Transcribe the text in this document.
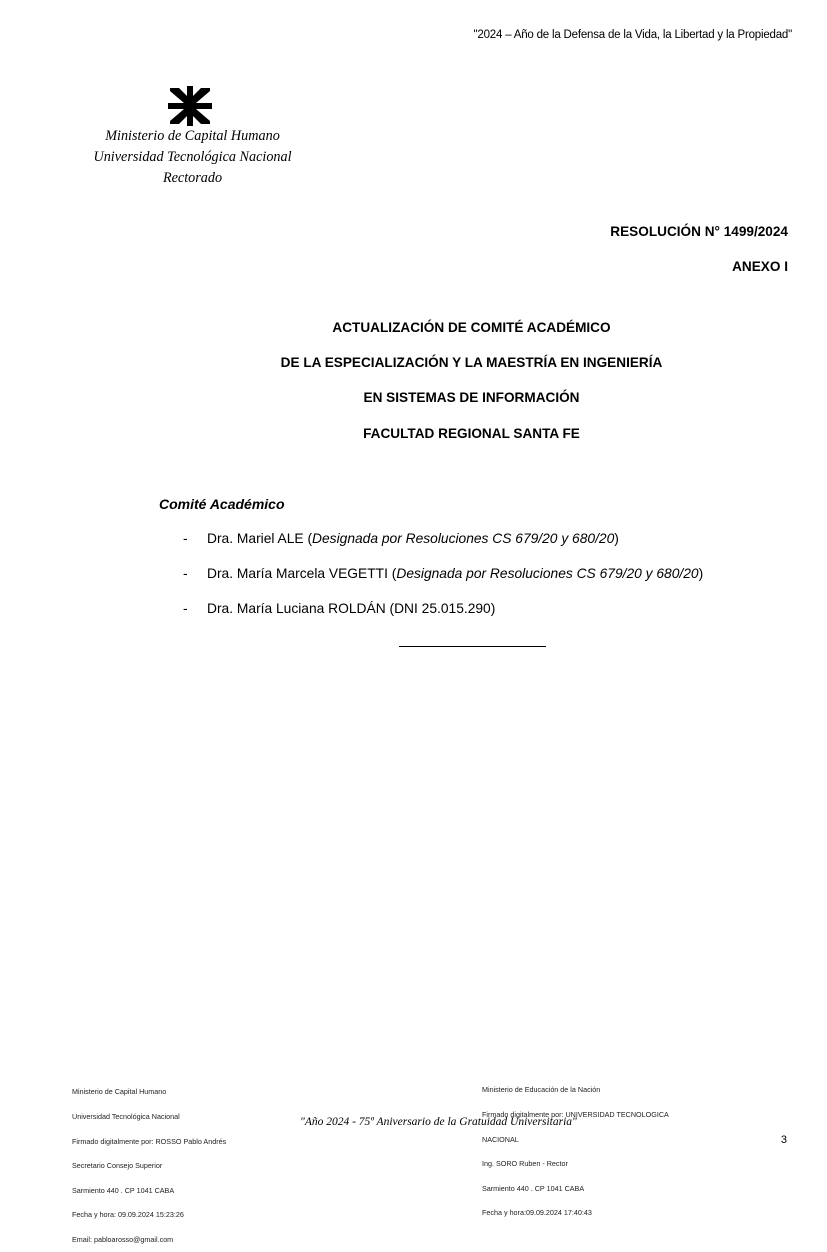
"2024 – Año de la Defensa de la Vida, la Libertad y la Propiedad"
Ministerio de Capital Humano
Universidad Tecnológica Nacional
Rectorado
RESOLUCIÓN N° 1499/2024
ANEXO I
ACTUALIZACIÓN DE COMITÉ ACADÉMICO
DE LA ESPECIALIZACIÓN Y LA MAESTRÍA EN INGENIERÍA
EN SISTEMAS DE INFORMACIÓN
FACULTAD REGIONAL SANTA FE
Comité Académico
- Dra. Mariel ALE (Designada por Resoluciones CS 679/20 y 680/20)
- Dra. María Marcela VEGETTI (Designada por Resoluciones CS 679/20 y 680/20)
- Dra. María Luciana ROLDÁN (DNI 25.015.290)

Ministerio de Capital Humano

Universidad Tecnológica Nacional

Firmado digitalmente por: ROSSO Pablo Andrés

Secretario Consejo Superior

Sarmiento 440 . CP 1041 CABA

Fecha y hora: 09.09.2024 15:23:26

Email: pabloarosso@gmail.com

Ministerio de Educación de la Nación

Firmado digitalmente por: UNIVERSIDAD TECNOLOGICA

NACIONAL

Ing. SORO Ruben - Rector

Sarmiento 440 . CP 1041 CABA

Fecha y hora:09.09.2024 17:40:43

"Año 2024 - 75º Aniversario de la Gratuidad Universitaria"
3
